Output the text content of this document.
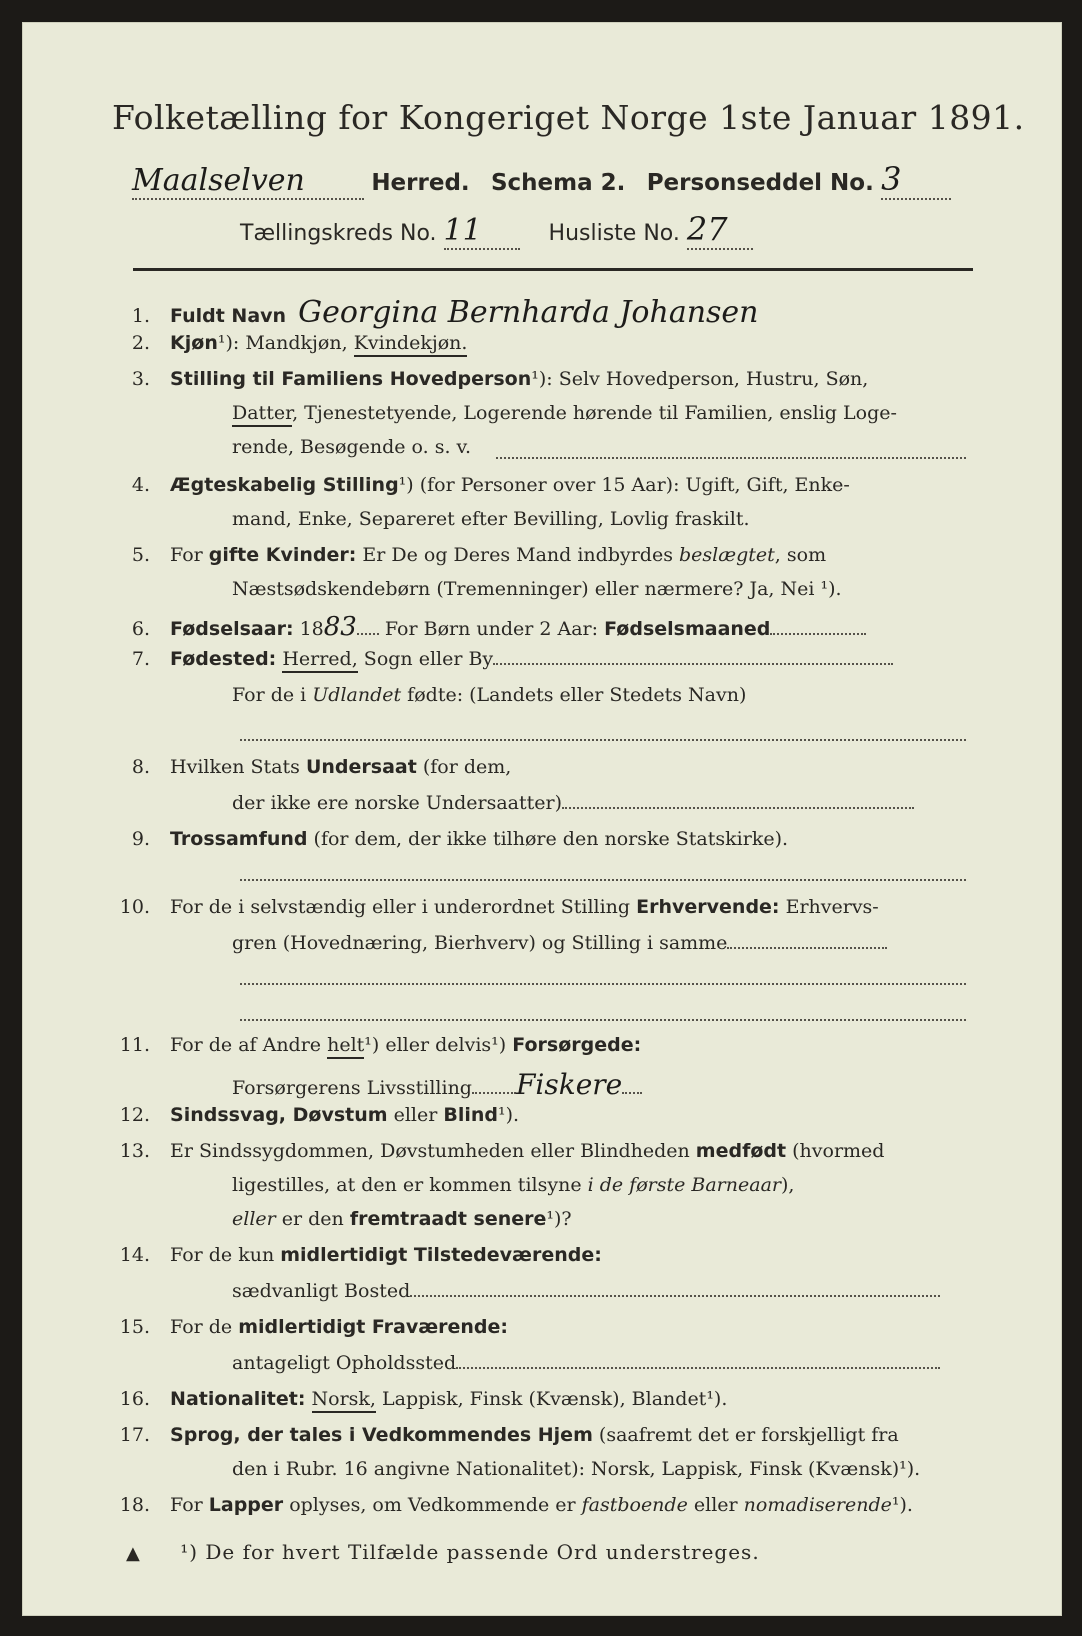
Folketælling for Kongeriget Norge 1ste Januar 1891.
Maalselven	Herred. Schema 2. Personseddel No. 3
Tællingskreds No. 11	Husliste No. 27
1. Fuldt Navn Georgina Bernharda Johansen
2. Kjøn¹): Mandkjøn, Kvindekjøn.
3. Stilling til Familiens Hovedperson¹): Selv Hovedperson, Hustru, Søn,
Datter, Tjenestetyende, Logerende hørende til Familien, enslig Loge-
rende, Besøgende o. s. v.
4. Ægteskabelig Stilling¹) (for Personer over 15 Aar): Ugift, Gift, Enke-
mand, Enke, Separeret efter Bevilling, Lovlig fraskilt.
5. For gifte Kvinder: Er De og Deres Mand indbyrdes beslægtet, som
Næstsødskendebørn (Tremenninger) eller nærmere? Ja, Nei ¹).
6. Fødselsaar: 1883 For Børn under 2 Aar: Fødselsmaaned
7. Fødested: Herred, Sogn eller By
For de i Udlandet fødte: (Landets eller Stedets Navn)
8. Hvilken Stats Undersaat (for dem,
der ikke ere norske Undersaatter)
9. Trossamfund (for dem, der ikke tilhøre den norske Statskirke).
10. For de i selvstændig eller i underordnet Stilling Erhvervende: Erhvervs-
gren (Hovednæring, Bierhverv) og Stilling i samme
11. For de af Andre helt¹) eller delvis¹) Forsørgede:
Forsørgerens Livsstilling Fiskere
12. Sindssvag, Døvstum eller Blind¹).
13. Er Sindssygdommen, Døvstumheden eller Blindheden medfødt (hvormed
ligestilles, at den er kommen tilsyne i de første Barneaar),
eller er den fremtraadt senere¹)?
14. For de kun midlertidigt Tilstedeværende:
sædvanligt Bosted
15. For de midlertidigt Fraværende:
antageligt Opholdssted
16. Nationalitet: Norsk, Lappisk, Finsk (Kvænsk), Blandet¹).
17. Sprog, der tales i Vedkommendes Hjem (saafremt det er forskjelligt fra
den i Rubr. 16 angivne Nationalitet): Norsk, Lappisk, Finsk (Kvænsk)¹).
18. For Lapper oplyses, om Vedkommende er fastboende eller nomadiserende¹).
▲ ¹) De for hvert Tilfælde passende Ord understreges.
